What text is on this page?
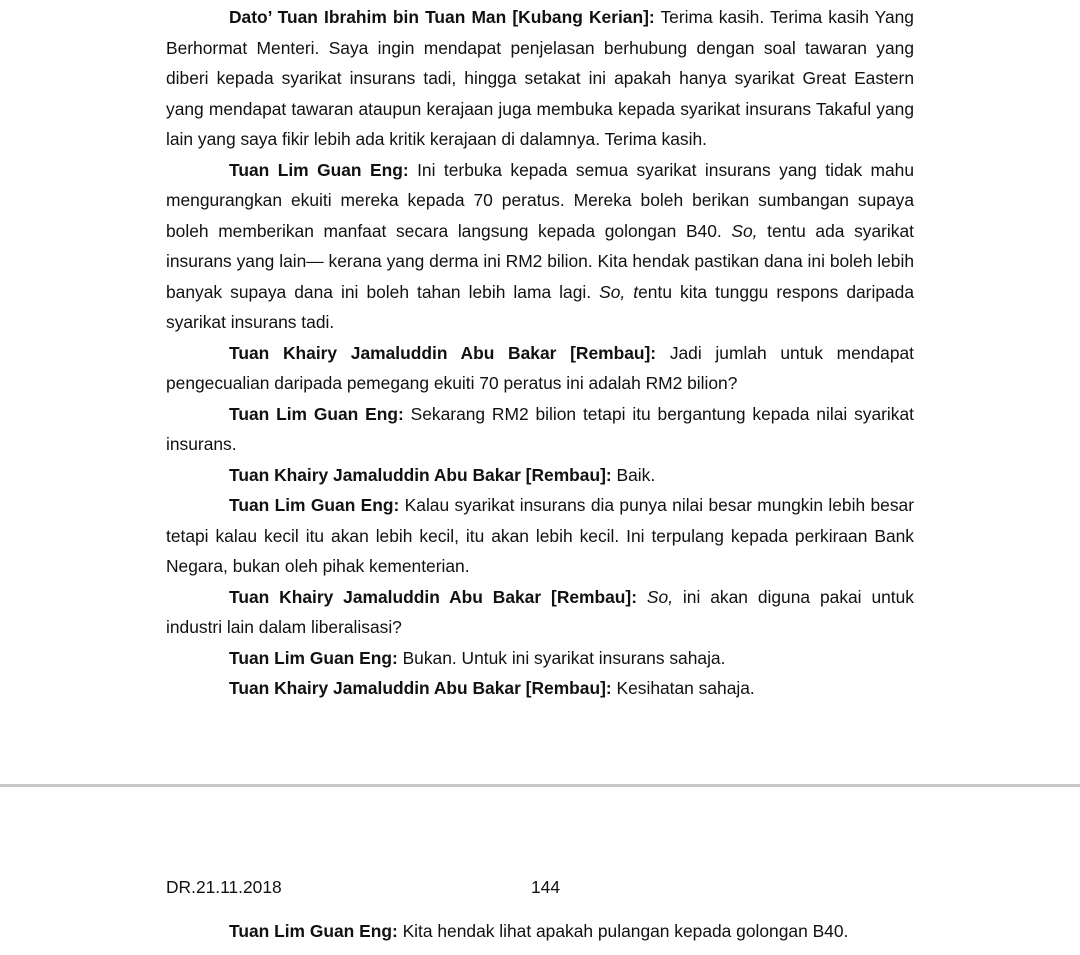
Dato’ Tuan Ibrahim bin Tuan Man [Kubang Kerian]: Terima kasih. Terima kasih Yang Berhormat Menteri. Saya ingin mendapat penjelasan berhubung dengan soal tawaran yang diberi kepada syarikat insurans tadi, hingga setakat ini apakah hanya syarikat Great Eastern yang mendapat tawaran ataupun kerajaan juga membuka kepada syarikat insurans Takaful yang lain yang saya fikir lebih ada kritik kerajaan di dalamnya. Terima kasih.

Tuan Lim Guan Eng: Ini terbuka kepada semua syarikat insurans yang tidak mahu mengurangkan ekuiti mereka kepada 70 peratus. Mereka boleh berikan sumbangan supaya boleh memberikan manfaat secara langsung kepada golongan B40. So, tentu ada syarikat insurans yang lain— kerana yang derma ini RM2 bilion. Kita hendak pastikan dana ini boleh lebih banyak supaya dana ini boleh tahan lebih lama lagi. So, tentu kita tunggu respons daripada syarikat insurans tadi.

Tuan Khairy Jamaluddin Abu Bakar [Rembau]: Jadi jumlah untuk mendapat pengecualian daripada pemegang ekuiti 70 peratus ini adalah RM2 bilion?

Tuan Lim Guan Eng: Sekarang RM2 bilion tetapi itu bergantung kepada nilai syarikat insurans.

Tuan Khairy Jamaluddin Abu Bakar [Rembau]: Baik.

Tuan Lim Guan Eng: Kalau syarikat insurans dia punya nilai besar mungkin lebih besar tetapi kalau kecil itu akan lebih kecil, itu akan lebih kecil. Ini terpulang kepada perkiraan Bank Negara, bukan oleh pihak kementerian.

Tuan Khairy Jamaluddin Abu Bakar [Rembau]: So, ini akan diguna pakai untuk industri lain dalam liberalisasi?

Tuan Lim Guan Eng: Bukan. Untuk ini syarikat insurans sahaja.

Tuan Khairy Jamaluddin Abu Bakar [Rembau]: Kesihatan sahaja.

DR.21.11.2018	144

Tuan Lim Guan Eng: Kita hendak lihat apakah pulangan kepada golongan B40.
